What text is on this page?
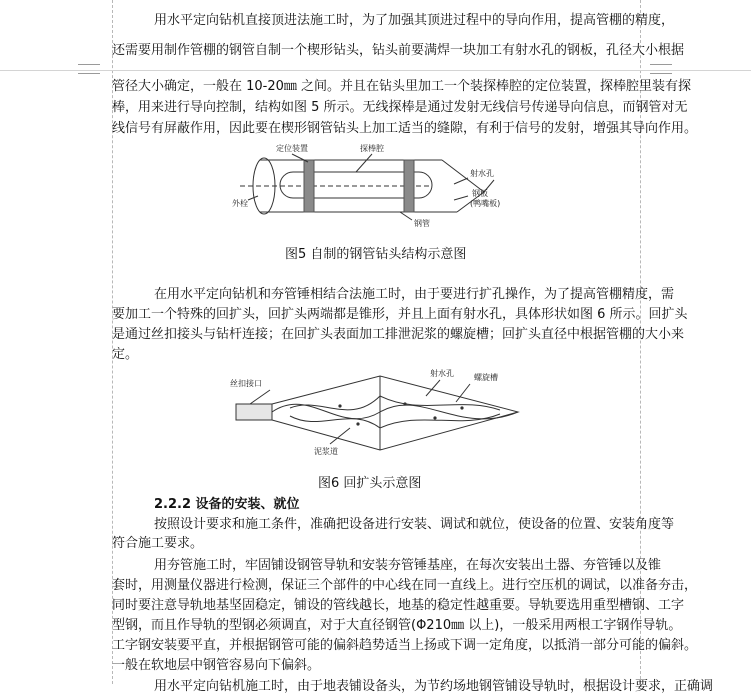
用水平定向钻机直接顶进法施工时，为了加强其顶进过程中的导向作用，提高管棚的精度，
还需要用制作管棚的钢管自制一个楔形钻头，钻头前要满焊一块加工有射水孔的钢板，孔径大小根据
管径大小确定，一般在 10-20㎜ 之间。并且在钻头里加工一个装探棒腔的定位装置，探棒腔里装有探
棒，用来进行导向控制，结构如图 5 所示。无线探棒是通过发射无线信号传递导向信息，而钢管对无
线信号有屏蔽作用，因此要在楔形钢管钻头上加工适当的缝隙，有利于信号的发射，增强其导向作用。
定位装置	探棒腔
射水孔
钢板
(鸭嘴板)
钢管
外栓
图5 自制的钢管钻头结构示意图
在用水平定向钻机和夯管锤相结合法施工时，由于要进行扩孔操作，为了提高管棚精度，需
要加工一个特殊的回扩头，回扩头两端都是锥形，并且上面有射水孔，具体形状如图 6 所示。回扩头
是通过丝扣接头与钻杆连接；在回扩头表面加工排泄泥浆的螺旋槽；回扩头直径中根据管棚的大小来
定。
丝扣接口
射水孔	螺旋槽
泥浆道
图6 回扩头示意图
2.2.2 设备的安装、就位
按照设计要求和施工条件，准确把设备进行安装、调试和就位，使设备的位置、安装角度等
符合施工要求。
用夯管施工时，牢固铺设钢管导轨和安装夯管锤基座，在每次安装出土器、夯管锤以及锥
套时，用测量仪器进行检测，保证三个部件的中心线在同一直线上。进行空压机的调试，以准备夯击，
同时要注意导轨地基坚固稳定，铺设的管线越长，地基的稳定性越重要。导轨要选用重型槽钢、工字
型钢，而且作导轨的型钢必须调直，对于大直径钢管(Φ210㎜ 以上)，一般采用两根工字钢作导轨。
工字钢安装要平直，并根据钢管可能的偏斜趋势适当上扬或下调一定角度，以抵消一部分可能的偏斜。
一般在软地层中钢管容易向下偏斜。
用水平定向钻机施工时，由于地表铺设备头，为节约场地钢管铺设导轨时，根据设计要求，正确调
